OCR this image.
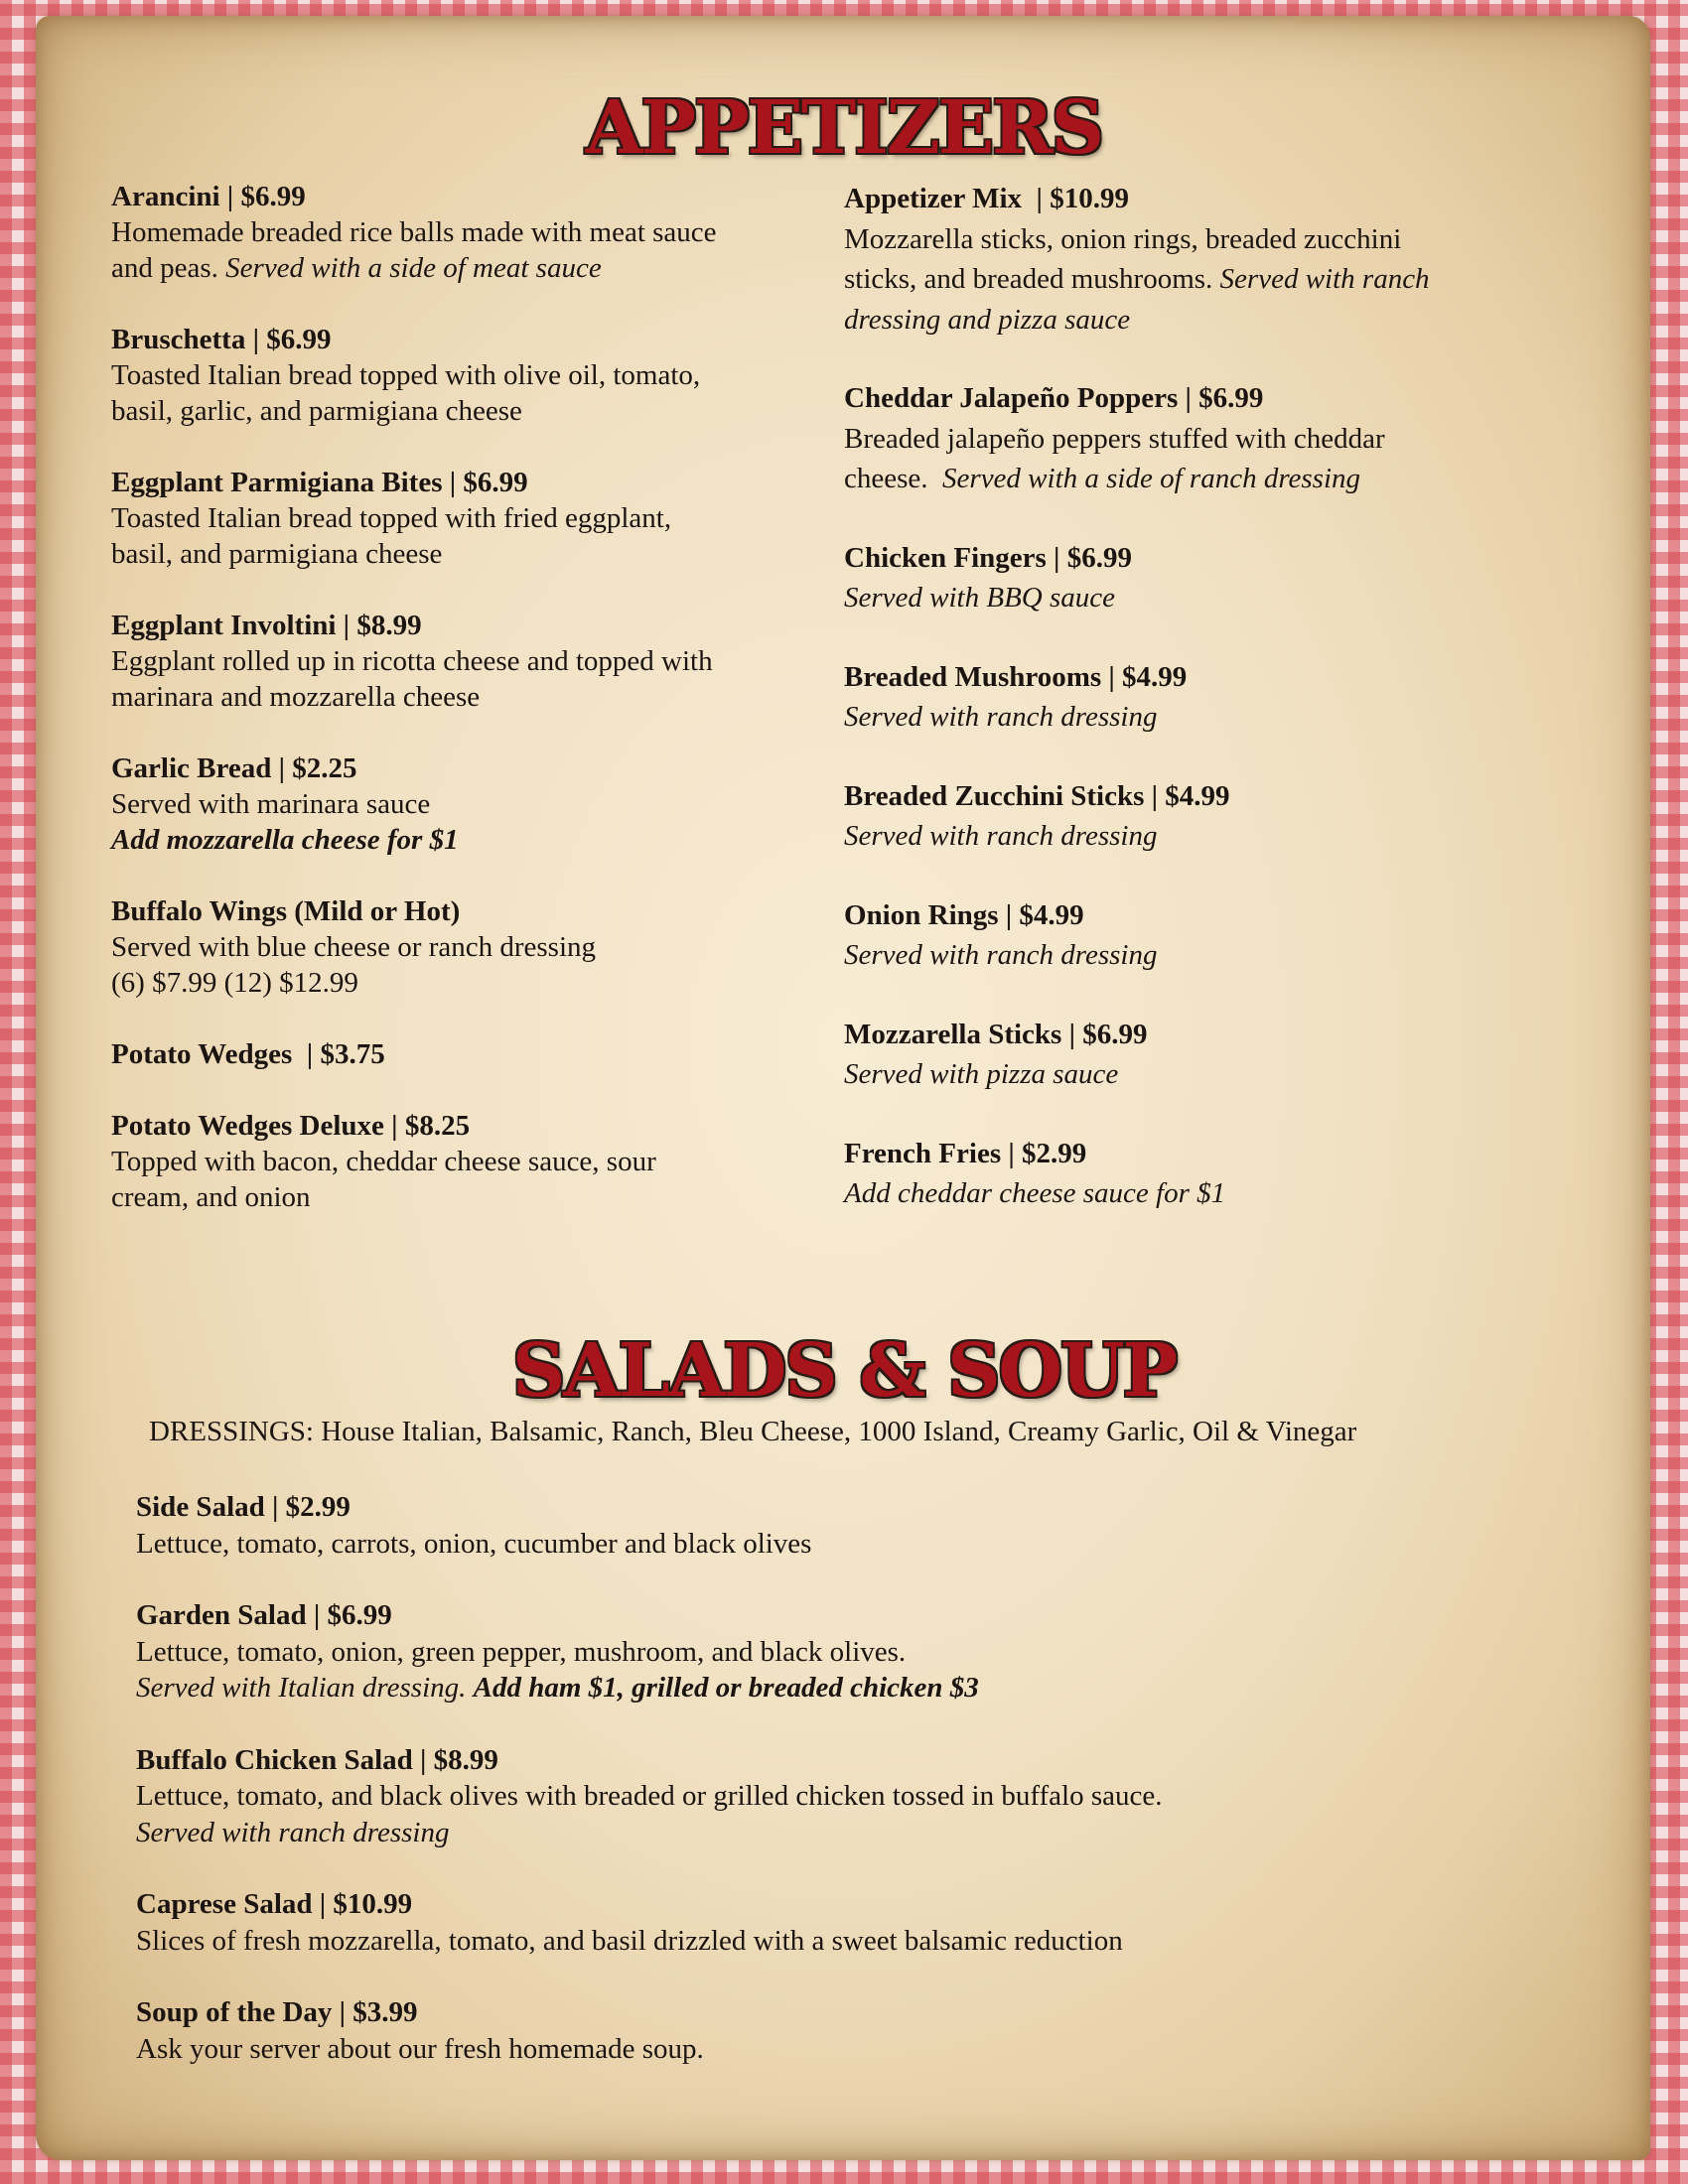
APPETIZERS

Arancini | $6.99
Homemade breaded rice balls made with meat sauce
and peas. Served with a side of meat sauce

Bruschetta | $6.99
Toasted Italian bread topped with olive oil, tomato,
basil, garlic, and parmigiana cheese

Eggplant Parmigiana Bites | $6.99
Toasted Italian bread topped with fried eggplant,
basil, and parmigiana cheese

Eggplant Involtini | $8.99
Eggplant rolled up in ricotta cheese and topped with
marinara and mozzarella cheese

Garlic Bread | $2.25
Served with marinara sauce
Add mozzarella cheese for $1

Buffalo Wings (Mild or Hot)
Served with blue cheese or ranch dressing
(6) $7.99 (12) $12.99

Potato Wedges  | $3.75

Potato Wedges Deluxe | $8.25
Topped with bacon, cheddar cheese sauce, sour
cream, and onion

Appetizer Mix  | $10.99
Mozzarella sticks, onion rings, breaded zucchini
sticks, and breaded mushrooms. Served with ranch
dressing and pizza sauce

Cheddar Jalapeño Poppers | $6.99
Breaded jalapeño peppers stuffed with cheddar
cheese.  Served with a side of ranch dressing

Chicken Fingers | $6.99
Served with BBQ sauce

Breaded Mushrooms | $4.99
Served with ranch dressing

Breaded Zucchini Sticks | $4.99
Served with ranch dressing

Onion Rings | $4.99
Served with ranch dressing

Mozzarella Sticks | $6.99
Served with pizza sauce

French Fries | $2.99
Add cheddar cheese sauce for $1

SALADS & SOUP
DRESSINGS: House Italian, Balsamic, Ranch, Bleu Cheese, 1000 Island, Creamy Garlic, Oil & Vinegar

Side Salad | $2.99
Lettuce, tomato, carrots, onion, cucumber and black olives

Garden Salad | $6.99
Lettuce, tomato, onion, green pepper, mushroom, and black olives.
Served with Italian dressing. Add ham $1, grilled or breaded chicken $3

Buffalo Chicken Salad | $8.99
Lettuce, tomato, and black olives with breaded or grilled chicken tossed in buffalo sauce.
Served with ranch dressing

Caprese Salad | $10.99
Slices of fresh mozzarella, tomato, and basil drizzled with a sweet balsamic reduction

Soup of the Day | $3.99
Ask your server about our fresh homemade soup.
